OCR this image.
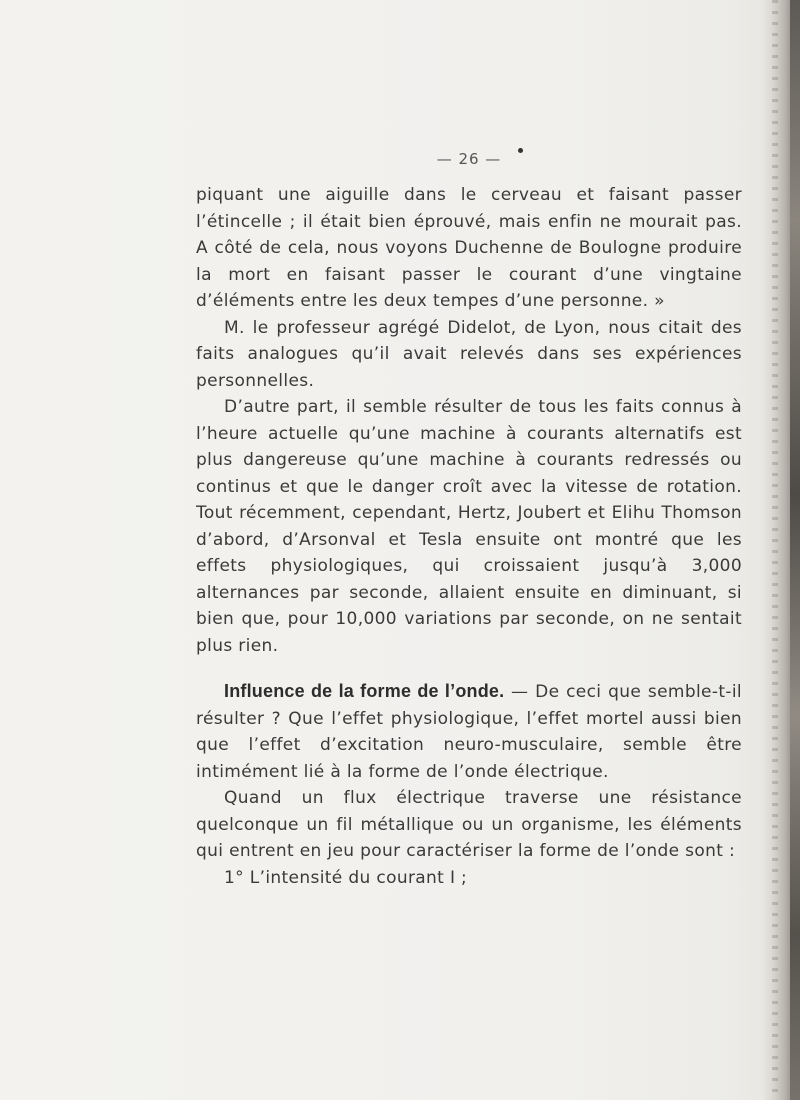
— 26 —

piquant une aiguille dans le cerveau et faisant passer l’étincelle ; il était bien éprouvé, mais enfin ne mourait pas. A côté de cela, nous voyons Duchenne de Boulogne produire la mort en faisant passer le courant d’une vingtaine d’éléments entre les deux tempes d’une personne. »

M. le professeur agrégé Didelot, de Lyon, nous citait des faits analogues qu’il avait relevés dans ses expériences personnelles.

D’autre part, il semble résulter de tous les faits connus à l’heure actuelle qu’une machine à courants alternatifs est plus dangereuse qu’une machine à courants redressés ou continus et que le danger croît avec la vitesse de rotation. Tout récemment, cependant, Hertz, Joubert et Elihu Thomson d’abord, d’Arsonval et Tesla ensuite ont montré que les effets physiologiques, qui croissaient jusqu’à 3,000 alternances par seconde, allaient ensuite en diminuant, si bien que, pour 10,000 variations par seconde, on ne sentait plus rien.

Influence de la forme de l’onde. — De ceci que semble-t-il résulter ? Que l’effet physiologique, l’effet mortel aussi bien que l’effet d’excitation neuro-musculaire, semble être intimément lié à la forme de l’onde électrique.

Quand un flux électrique traverse une résistance quelconque un fil métallique ou un organisme, les éléments qui entrent en jeu pour caractériser la forme de l’onde sont :

1° L’intensité du courant I ;
